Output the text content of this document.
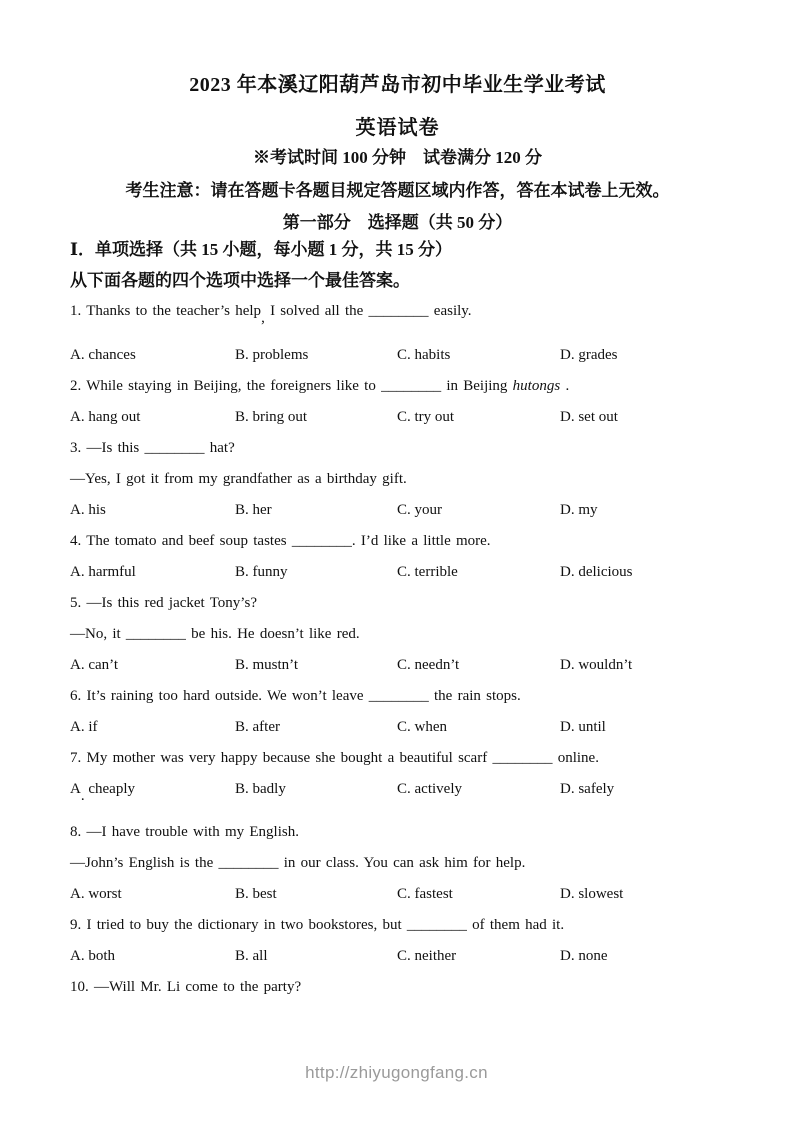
2023 年本溪辽阳葫芦岛市初中毕业生学业考试
英语试卷

※考试时间 100 分钟　试卷满分 120 分

考生注意：请在答题卡各题目规定答题区域内作答，答在本试卷上无效。

第一部分　选择题（共 50 分）

Ⅰ．单项选择（共 15 小题，每小题 1 分，共 15 分）

从下面各题的四个选项中选择一个最佳答案。

1. Thanks to the teacher’s help, I solved all the ________ easily.

A. chances	B. problems	C. habits	D. grades

2. While staying in Beijing, the foreigners like to ________ in Beijing hutongs .

A. hang out	B. bring out	C. try out	D. set out

3. —Is this ________ hat?

—Yes, I got it from my grandfather as a birthday gift.

A. his	B. her	C. your	D. my

4. The tomato and beef soup tastes ________. I’d like a little more.

A. harmful	B. funny	C. terrible	D. delicious

5. —Is this red jacket Tony’s?

—No, it ________ be his. He doesn’t like red.

A. can’t	B. mustn’t	C. needn’t	D. wouldn’t

6. It’s raining too hard outside. We won’t leave ________ the rain stops.

A. if	B. after	C. when	D. until

7. My mother was very happy because she bought a beautiful scarf ________ online.

A. cheaply	B. badly	C. actively	D. safely

8. —I have trouble with my English.

—John’s English is the ________ in our class. You can ask him for help.

A. worst	B. best	C. fastest	D. slowest

9. I tried to buy the dictionary in two bookstores, but ________ of them had it.

A. both	B. all	C. neither	D. none

10. —Will Mr. Li come to the party?

http://zhiyugongfang.cn
